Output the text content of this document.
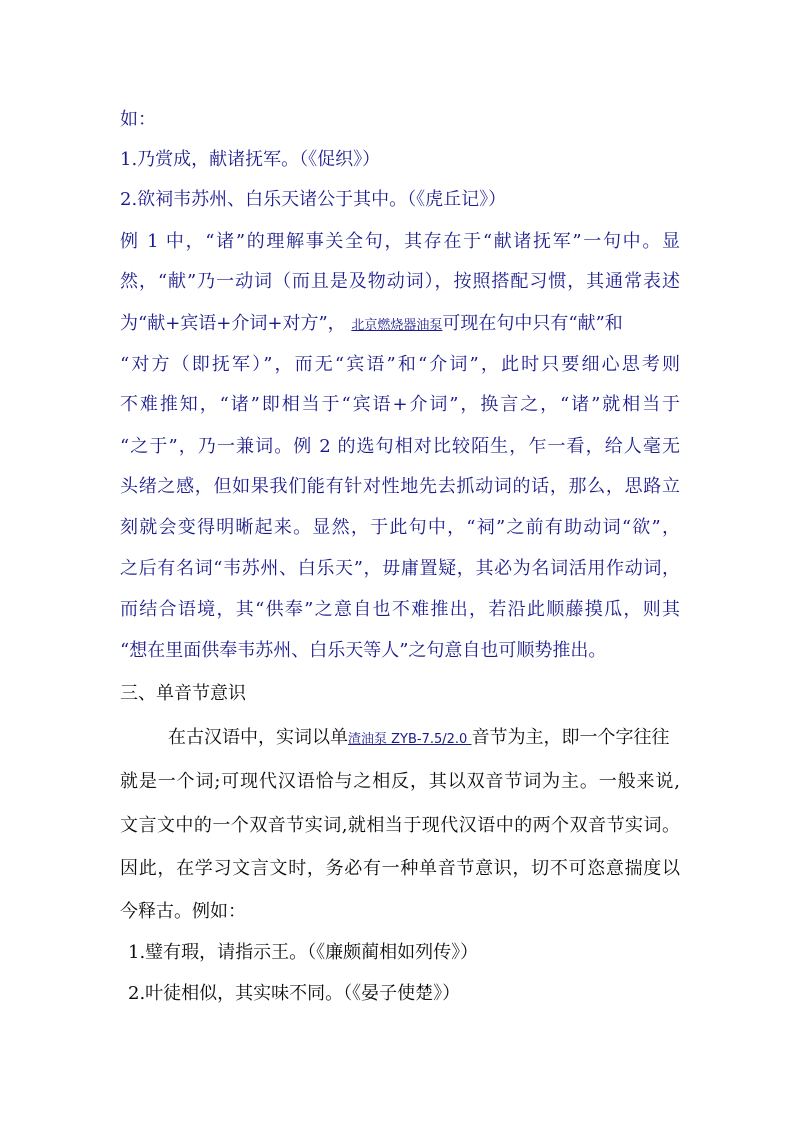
如：
1.乃赏成，献诸抚军。（《促织》）
2.欲祠韦苏州、白乐天诸公于其中。（《虎丘记》）
例 1 中，“诸”的理解事关全句，其存在于“献诸抚军”一句中。显
然，“献”乃一动词（而且是及物动词），按照搭配习惯，其通常表述
为“献+宾语+介词+对方”， 北京燃烧器油泵可现在句中只有“献”和
“对方（即抚军）”，而无“宾语”和“介词”，此时只要细心思考则
不难推知，“诸”即相当于“宾语+介词”，换言之，“诸”就相当于
“之于”，乃一兼词。例 2 的选句相对比较陌生，乍一看，给人毫无
头绪之感，但如果我们能有针对性地先去抓动词的话，那么，思路立
刻就会变得明晰起来。显然，于此句中，“祠”之前有助动词“欲”，
之后有名词“韦苏州、白乐天”，毋庸置疑，其必为名词活用作动词，
而结合语境，其“供奉”之意自也不难推出，若沿此顺藤摸瓜，则其
“想在里面供奉韦苏州、白乐天等人”之句意自也可顺势推出。
三、单音节意识
在古汉语中，实词以单渣油泵 ZYB-7.5/2.0 音节为主，即一个字往往
就是一个词;可现代汉语恰与之相反，其以双音节词为主。一般来说,
文言文中的一个双音节实词,就相当于现代汉语中的两个双音节实词。
因此，在学习文言文时，务必有一种单音节意识，切不可恣意揣度以
今释古。例如：
1.璧有瑕，请指示王。（《廉颇蔺相如列传》）
2.叶徒相似，其实味不同。（《晏子使楚》）
